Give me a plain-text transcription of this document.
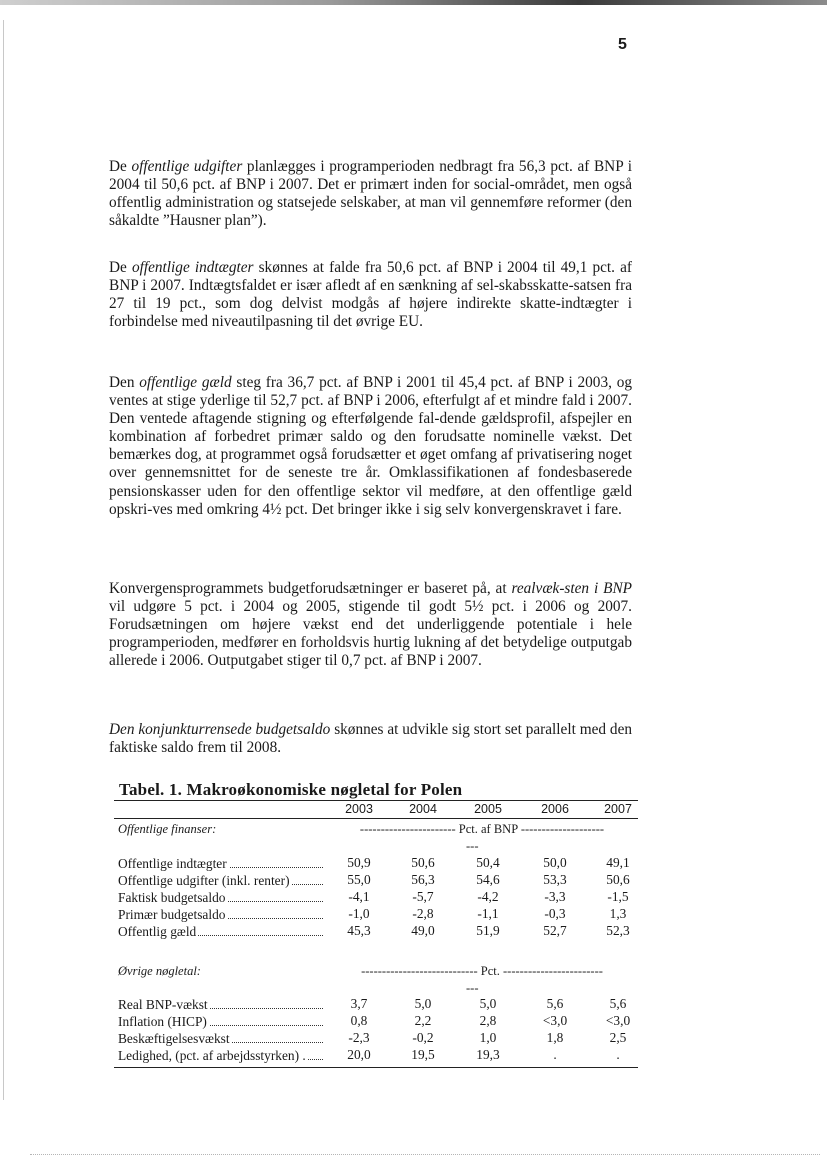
5

De offentlige udgifter planlægges i programperioden nedbragt fra 56,3 pct. af BNP i 2004 til 50,6 pct. af BNP i 2007. Det er primært inden for social-området, men også offentlig administration og statsejede selskaber, at man vil gennemføre reformer (den såkaldte ”Hausner plan”).

De offentlige indtægter skønnes at falde fra 50,6 pct. af BNP i 2004 til 49,1 pct. af BNP i 2007. Indtægtsfaldet er især afledt af en sænkning af sel-skabsskatte-satsen fra 27 til 19 pct., som dog delvist modgås af højere indirekte skatte-indtægter i forbindelse med niveautilpasning til det øvrige EU.

Den offentlige gæld steg fra 36,7 pct. af BNP i 2001 til 45,4 pct. af BNP i 2003, og ventes at stige yderlige til 52,7 pct. af BNP i 2006, efterfulgt af et mindre fald i 2007. Den ventede aftagende stigning og efterfølgende fal-dende gældsprofil, afspejler en kombination af forbedret primær saldo og den forudsatte nominelle vækst. Det bemærkes dog, at programmet også forudsætter et øget omfang af privatisering noget over gennemsnittet for de seneste tre år. Omklassifikationen af fondesbaserede pensionskasser uden for den offentlige sektor vil medføre, at den offentlige gæld opskri-ves med omkring 4½ pct. Det bringer ikke i sig selv konvergenskravet i fare.

Konvergensprogrammets budgetforudsætninger er baseret på, at realvæk-sten i BNP vil udgøre 5 pct. i 2004 og 2005, stigende til godt 5½ pct. i 2006 og 2007. Forudsætningen om højere vækst end det underliggende potentiale i hele programperioden, medfører en forholdsvis hurtig lukning af det betydelige outputgab allerede i 2006. Outputgabet stiger til 0,7 pct. af BNP i 2007.

Den konjunkturrensede budgetsaldo skønnes at udvikle sig stort set parallelt med den faktiske saldo frem til 2008.

Tabel. 1. Makroøkonomiske nøgletal for Polen
2003	2004	2005	2006	2007
Offentlige finanser:	----------------------- Pct. af BNP --------------------
---
Offentlige indtægter	50,9	50,6	50,4	50,0	49,1
Offentlige udgifter (inkl. renter)	55,0	56,3	54,6	53,3	50,6
Faktisk budgetsaldo	-4,1	-5,7	-4,2	-3,3	-1,5
Primær budgetsaldo	-1,0	-2,8	-1,1	-0,3	1,3
Offentlig gæld	45,3	49,0	51,9	52,7	52,3
Øvrige nøgletal:	---------------------------- Pct. ------------------------
---
Real BNP-vækst	3,7	5,0	5,0	5,6	5,6
Inflation (HICP)	0,8	2,2	2,8	<3,0	<3,0
Beskæftigelsesvækst	-2,3	-0,2	1,0	1,8	2,5
Ledighed, (pct. af arbejdsstyrken) .	20,0	19,5	19,3	.	.
